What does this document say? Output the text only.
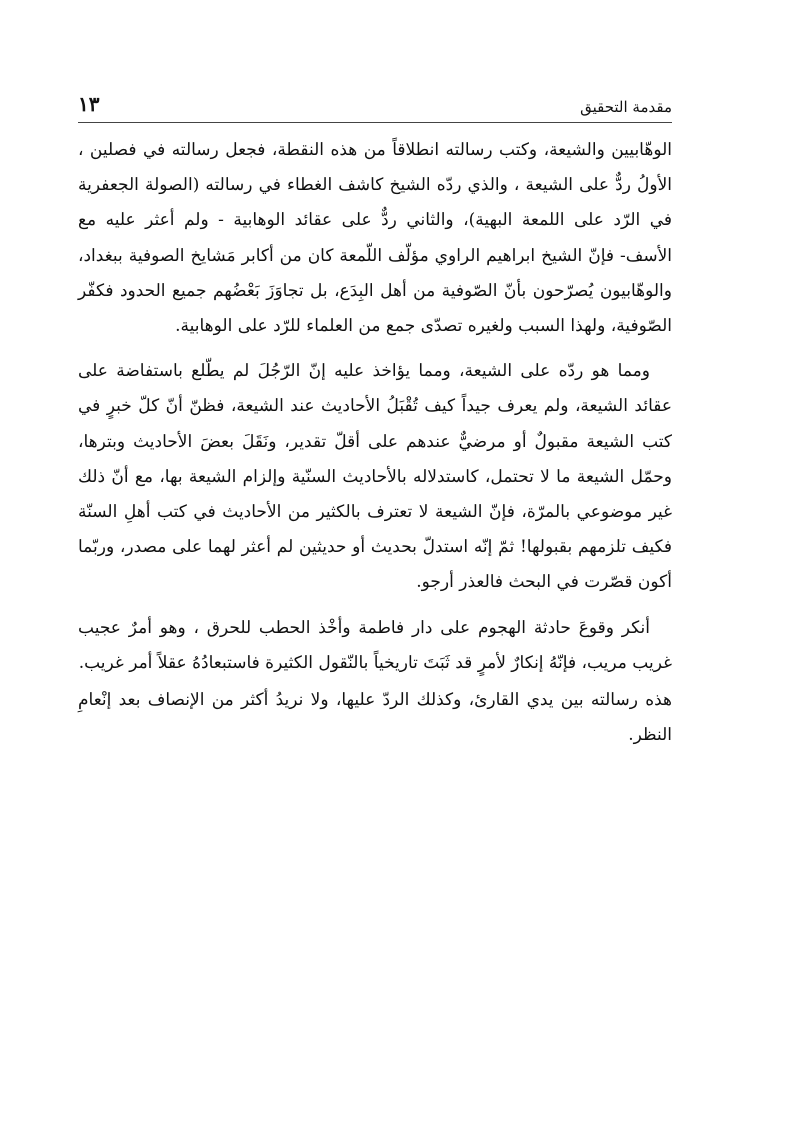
مقدمة التحقيق
١٣

الوهّابيين والشيعة، وكتب رسالته انطلاقاً من هذه النقطة، فجعل رسالته في فصلين ، الأولُ ردٌّ على الشيعة ، والذي ردّه الشيخ كاشف الغطاء في رسالته (الصولة الجعفرية في الرّد على اللمعة البهية)، والثاني ردٌّ على عقائد الوهابية - ولم أعثر عليه مع الأسف- فإنّ الشيخ ابراهيم الراوي مؤلّف اللّمعة كان من أكابر مَشايخ الصوفية ببغداد، والوهّابيون يُصرّحون بأنّ الصّوفية من أهل البِدَع، بل تجاوَزَ بَعْضُهم جميع الحدود فكفّر الصّوفية، ولهذا السبب ولغيره تصدّى جمع من العلماء للرّد على الوهابية.

ومما هو ردّه على الشيعة، ومما يؤاخذ عليه إنّ الرّجُلَ لم يطّلع باستفاضة على عقائد الشيعة، ولم يعرف جيداً كيف تُقْبَلُ الأحاديث عند الشيعة، فظنّ أنّ كلّ خبرٍ في كتب الشيعة مقبولٌ أو مرضيٌّ عندهم على أقلّ تقدير، ونَقَلَ بعضَ الأحاديث وبترها، وحمّل الشيعة ما لا تحتمل، كاستدلاله بالأحاديث السنّية وإلزام الشيعة بها، مع أنّ ذلك غير موضوعي بالمرّة، فإنّ الشيعة لا تعترف بالكثير من الأحاديث في كتب أهلِ السنّة فكيف تلزمهم بقبولها! ثمّ إنّه استدلّ بحديث أو حديثين لم أعثر لهما على مصدر، وربّما أكون قصّرت في البحث فالعذر أرجو.

أنكر وقوعَ حادثة الهجوم على دار فاطمة وأخْذ الحطب للحرق ، وهو أمرٌ عجيب غريب مريب، فإنّهُ إنكارٌ لأمرٍ قد ثَبَتَ تاريخياً بالنّقول الكثيرة فاستبعادُهُ عقلاً أمر غريب.

هذه رسالته بين يدي القارئ، وكذلك الردّ عليها، ولا نريدُ أكثر من الإنصاف بعد إنْعامِ النظر.
